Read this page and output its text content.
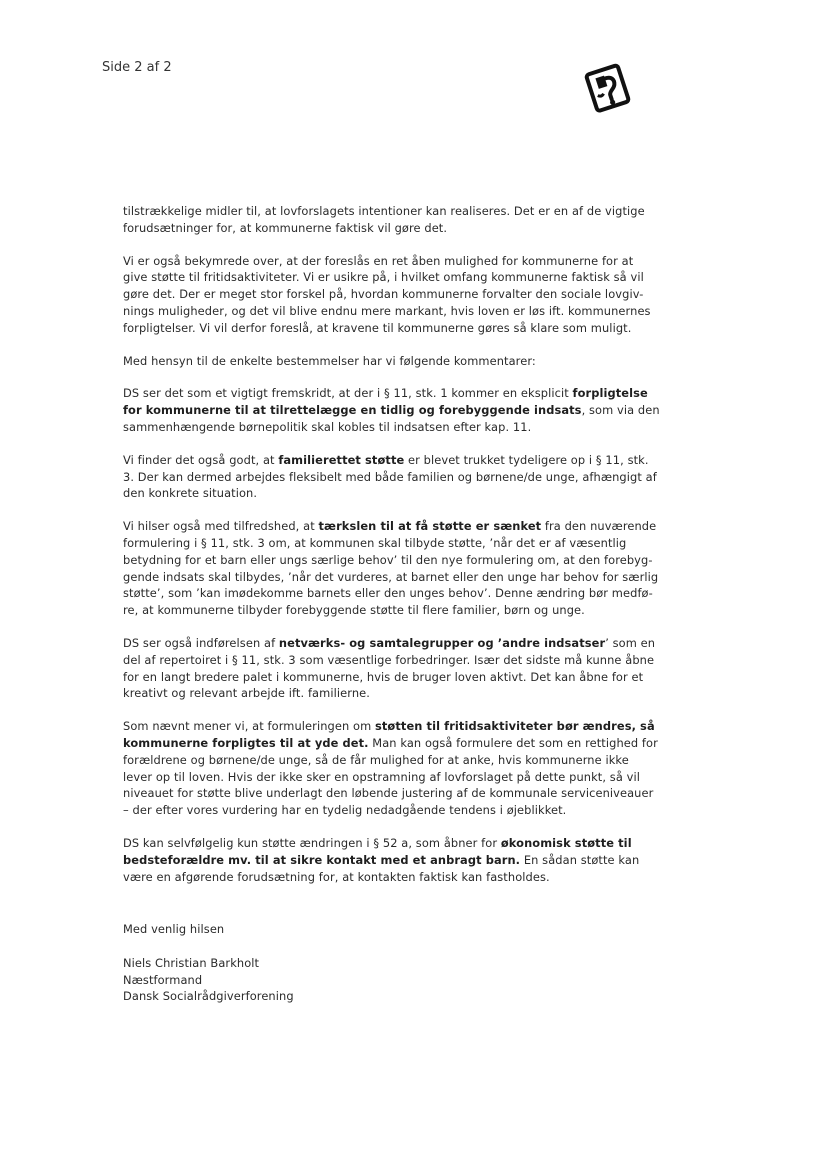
Side 2 af 2

tilstrækkelige midler til, at lovforslagets intentioner kan realiseres. Det er en af de vigtige
forudsætninger for, at kommunerne faktisk vil gøre det.

Vi er også bekymrede over, at der foreslås en ret åben mulighed for kommunerne for at
give støtte til fritidsaktiviteter. Vi er usikre på, i hvilket omfang kommunerne faktisk så vil
gøre det. Der er meget stor forskel på, hvordan kommunerne forvalter den sociale lovgiv-
nings muligheder, og det vil blive endnu mere markant, hvis loven er løs ift. kommunernes
forpligtelser. Vi vil derfor foreslå, at kravene til kommunerne gøres så klare som muligt.

Med hensyn til de enkelte bestemmelser har vi følgende kommentarer:

DS ser det som et vigtigt fremskridt, at der i § 11, stk. 1 kommer en eksplicit forpligtelse
for kommunerne til at tilrettelægge en tidlig og forebyggende indsats, som via den
sammenhængende børnepolitik skal kobles til indsatsen efter kap. 11.

Vi finder det også godt, at familierettet støtte er blevet trukket tydeligere op i § 11, stk.
3. Der kan dermed arbejdes fleksibelt med både familien og børnene/de unge, afhængigt af
den konkrete situation.

Vi hilser også med tilfredshed, at tærkslen til at få støtte er sænket fra den nuværende
formulering i § 11, stk. 3 om, at kommunen skal tilbyde støtte, ’når det er af væsentlig
betydning for et barn eller ungs særlige behov’ til den nye formulering om, at den forebyg-
gende indsats skal tilbydes, ’når det vurderes, at barnet eller den unge har behov for særlig
støtte’, som ’kan imødekomme barnets eller den unges behov’. Denne ændring bør medfø-
re, at kommunerne tilbyder forebyggende støtte til flere familier, børn og unge.

DS ser også indførelsen af netværks- og samtalegrupper og ’andre indsatser’ som en
del af repertoiret i § 11, stk. 3 som væsentlige forbedringer. Især det sidste må kunne åbne
for en langt bredere palet i kommunerne, hvis de bruger loven aktivt. Det kan åbne for et
kreativt og relevant arbejde ift. familierne.

Som nævnt mener vi, at formuleringen om støtten til fritidsaktiviteter bør ændres, så
kommunerne forpligtes til at yde det. Man kan også formulere det som en rettighed for
forældrene og børnene/de unge, så de får mulighed for at anke, hvis kommunerne ikke
lever op til loven. Hvis der ikke sker en opstramning af lovforslaget på dette punkt, så vil
niveauet for støtte blive underlagt den løbende justering af de kommunale serviceniveauer
– der efter vores vurdering har en tydelig nedadgående tendens i øjeblikket.

DS kan selvfølgelig kun støtte ændringen i § 52 a, som åbner for økonomisk støtte til
bedsteforældre mv. til at sikre kontakt med et anbragt barn. En sådan støtte kan
være en afgørende forudsætning for, at kontakten faktisk kan fastholdes.

Med venlig hilsen

Niels Christian Barkholt
Næstformand
Dansk Socialrådgiverforening
